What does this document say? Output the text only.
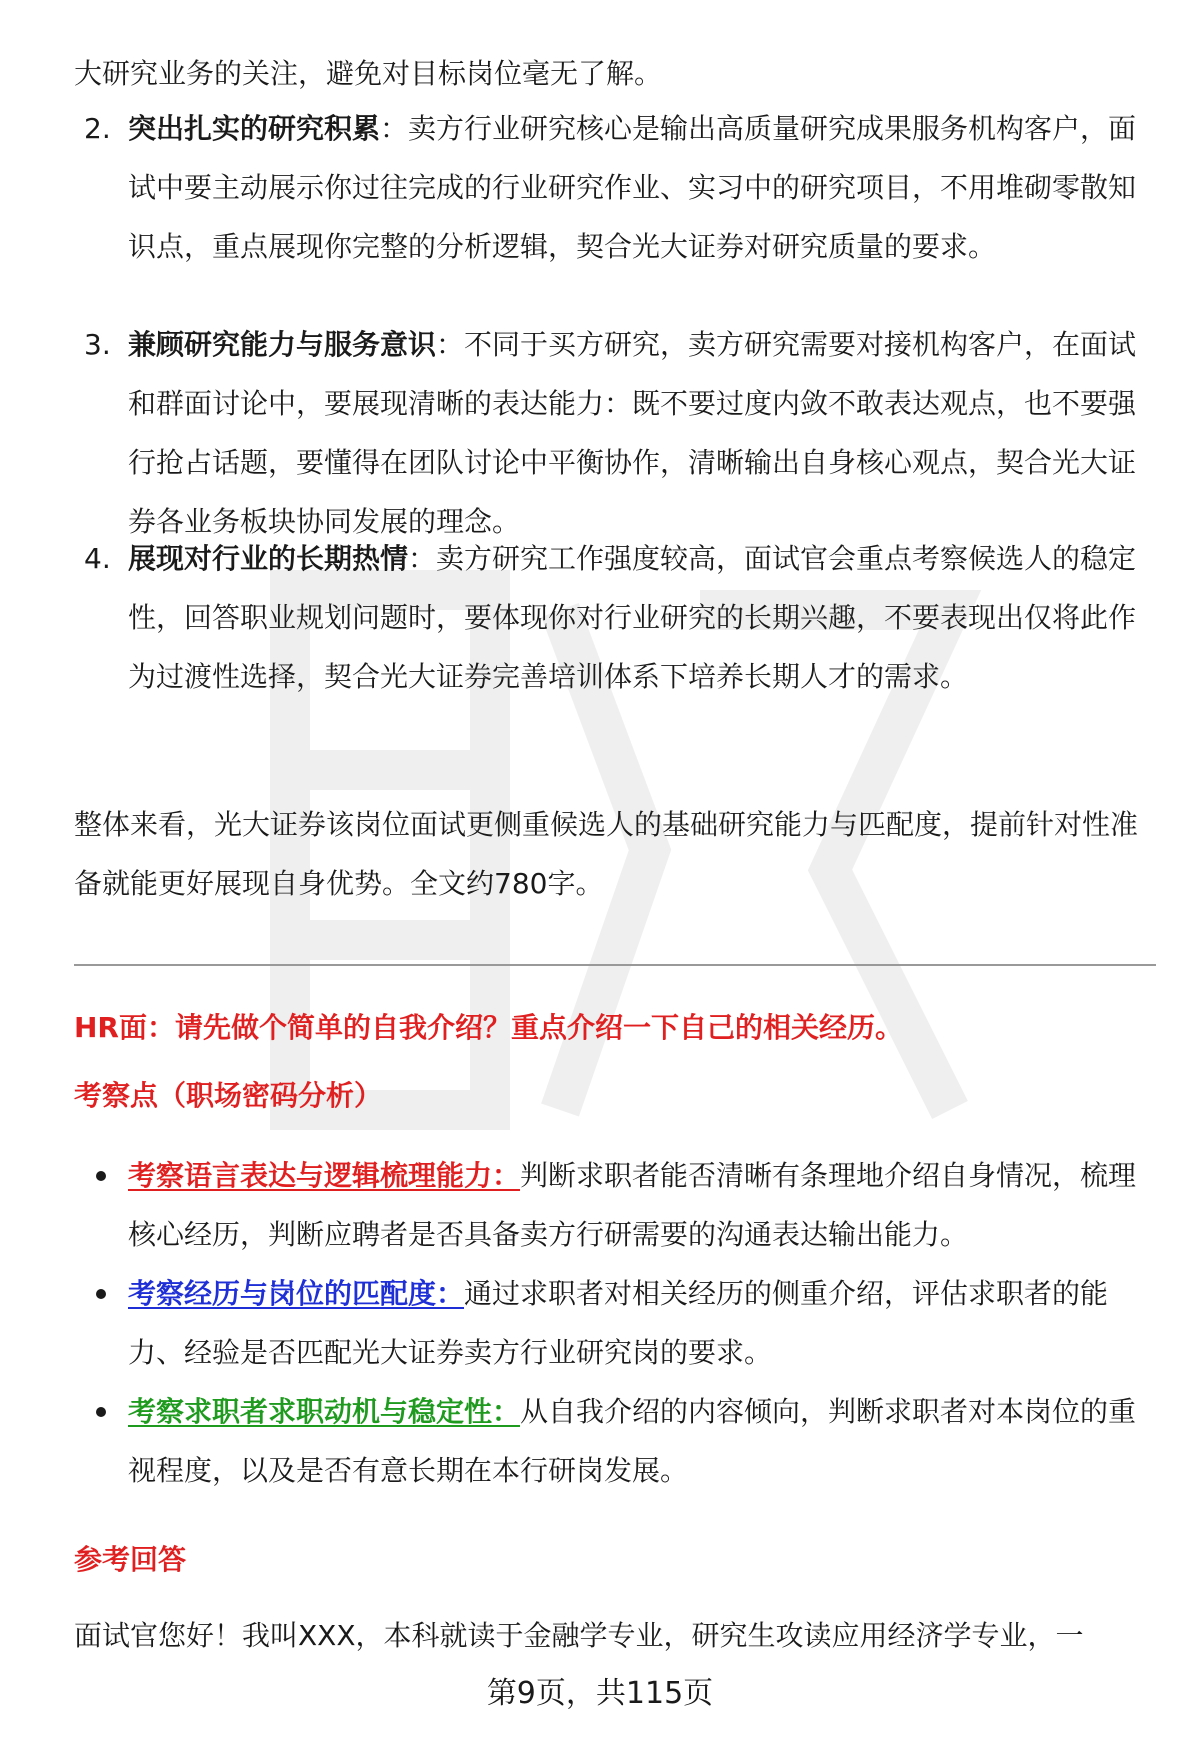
大研究业务的关注，避免对目标岗位毫无了解。

2. 突出扎实的研究积累：卖方行业研究核心是输出高质量研究成果服务机构客户，面试中要主动展示你过往完成的行业研究作业、实习中的研究项目，不用堆砌零散知识点，重点展现你完整的分析逻辑，契合光大证券对研究质量的要求。
3. 兼顾研究能力与服务意识：不同于买方研究，卖方研究需要对接机构客户，在面试和群面讨论中，要展现清晰的表达能力：既不要过度内敛不敢表达观点，也不要强行抢占话题，要懂得在团队讨论中平衡协作，清晰输出自身核心观点，契合光大证券各业务板块协同发展的理念。
4. 展现对行业的长期热情：卖方研究工作强度较高，面试官会重点考察候选人的稳定性，回答职业规划问题时，要体现你对行业研究的长期兴趣，不要表现出仅将此作为过渡性选择，契合光大证券完善培训体系下培养长期人才的需求。

整体来看，光大证券该岗位面试更侧重候选人的基础研究能力与匹配度，提前针对性准备就能更好展现自身优势。全文约780字。

HR面：请先做个简单的自我介绍？重点介绍一下自己的相关经历。

考察点（职场密码分析）

考察语言表达与逻辑梳理能力：判断求职者能否清晰有条理地介绍自身情况，梳理核心经历，判断应聘者是否具备卖方行研需要的沟通表达输出能力。
考察经历与岗位的匹配度：通过求职者对相关经历的侧重介绍，评估求职者的能力、经验是否匹配光大证券卖方行业研究岗的要求。
考察求职者求职动机与稳定性：从自我介绍的内容倾向，判断求职者对本岗位的重视程度，以及是否有意长期在本行研岗发展。

参考回答

面试官您好！我叫XXX，本科就读于金融学专业，研究生攻读应用经济学专业，一

第9页，共115页
